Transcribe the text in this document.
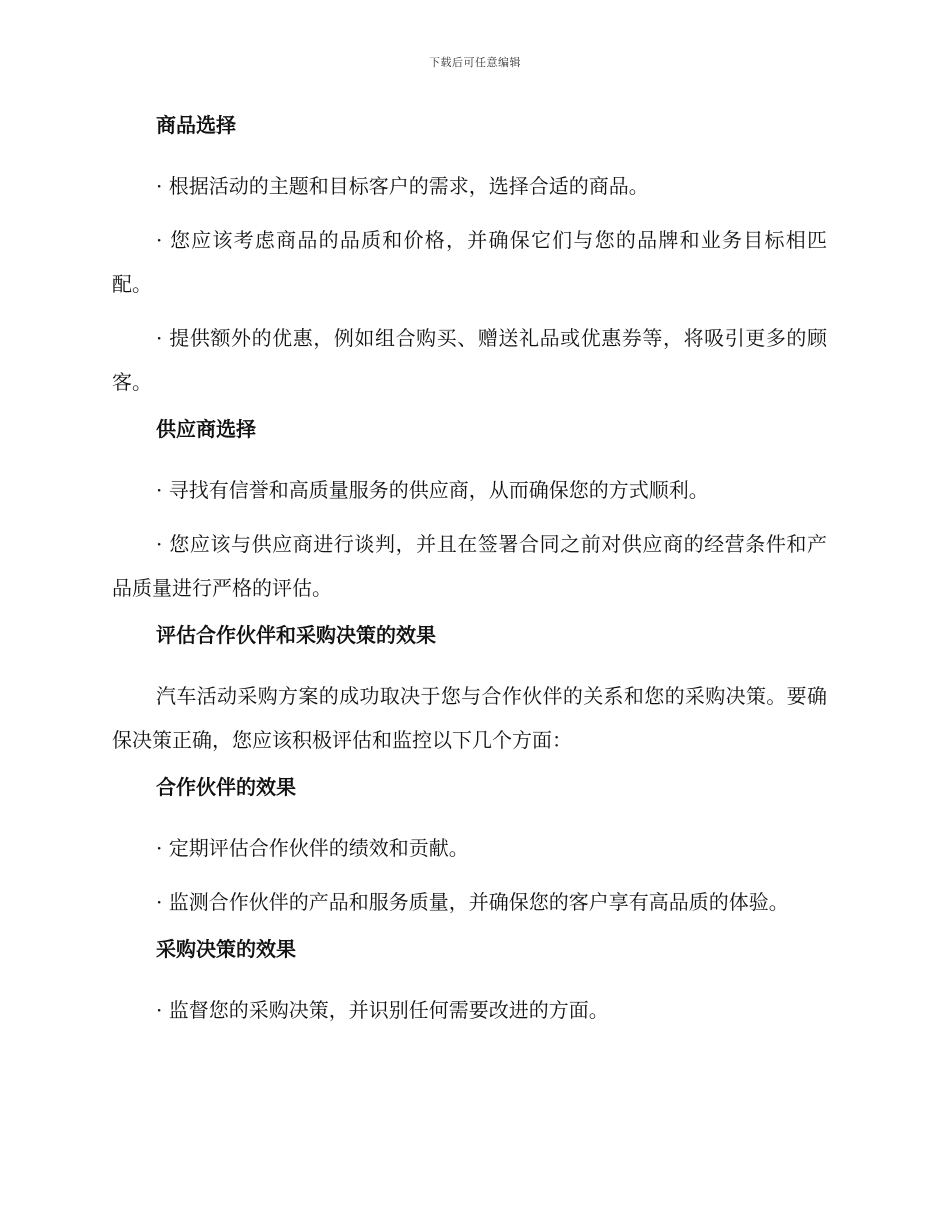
下载后可任意编辑
商品选择

· 根据活动的主题和目标客户的需求，选择合适的商品。

· 您应该考虑商品的品质和价格，并确保它们与您的品牌和业务目标相匹配。

· 提供额外的优惠，例如组合购买、赠送礼品或优惠券等，将吸引更多的顾客。

供应商选择

· 寻找有信誉和高质量服务的供应商，从而确保您的方式顺利。

· 您应该与供应商进行谈判，并且在签署合同之前对供应商的经营条件和产品质量进行严格的评估。

评估合作伙伴和采购决策的效果

汽车活动采购方案的成功取决于您与合作伙伴的关系和您的采购决策。要确保决策正确，您应该积极评估和监控以下几个方面：

合作伙伴的效果

· 定期评估合作伙伴的绩效和贡献。

· 监测合作伙伴的产品和服务质量，并确保您的客户享有高品质的体验。

采购决策的效果

· 监督您的采购决策，并识别任何需要改进的方面。
